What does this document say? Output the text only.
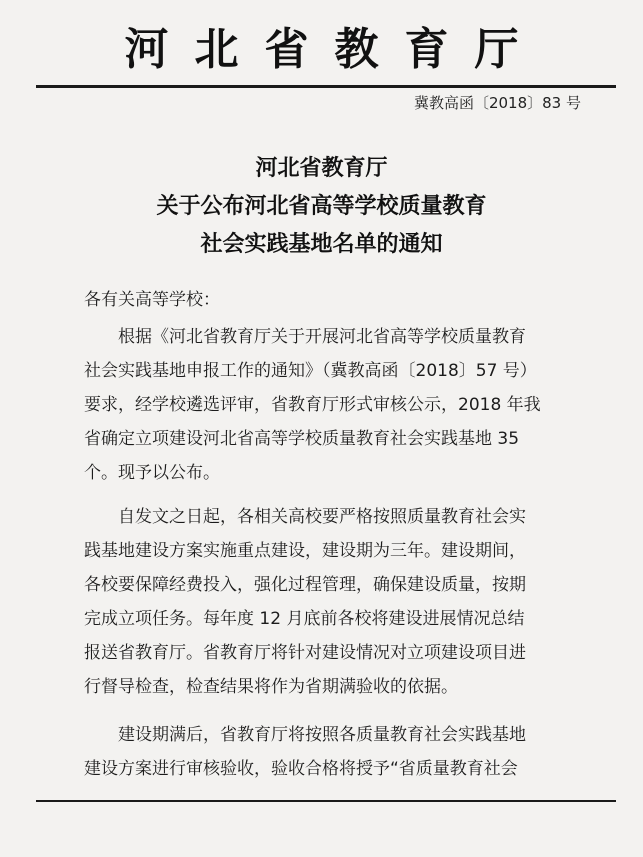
河北省教育厅
冀教高函〔2018〕83 号
河北省教育厅
关于公布河北省高等学校质量教育
社会实践基地名单的通知
各有关高等学校：
　　根据《河北省教育厅关于开展河北省高等学校质量教育
社会实践基地申报工作的通知》（冀教高函〔2018〕57 号）
要求，经学校遴选评审，省教育厅形式审核公示，2018 年我
省确定立项建设河北省高等学校质量教育社会实践基地 35
个。现予以公布。
　　自发文之日起，各相关高校要严格按照质量教育社会实
践基地建设方案实施重点建设，建设期为三年。建设期间，
各校要保障经费投入，强化过程管理，确保建设质量，按期
完成立项任务。每年度 12 月底前各校将建设进展情况总结
报送省教育厅。省教育厅将针对建设情况对立项建设项目进
行督导检查，检查结果将作为省期满验收的依据。
　　建设期满后，省教育厅将按照各质量教育社会实践基地
建设方案进行审核验收，验收合格将授予“省质量教育社会
